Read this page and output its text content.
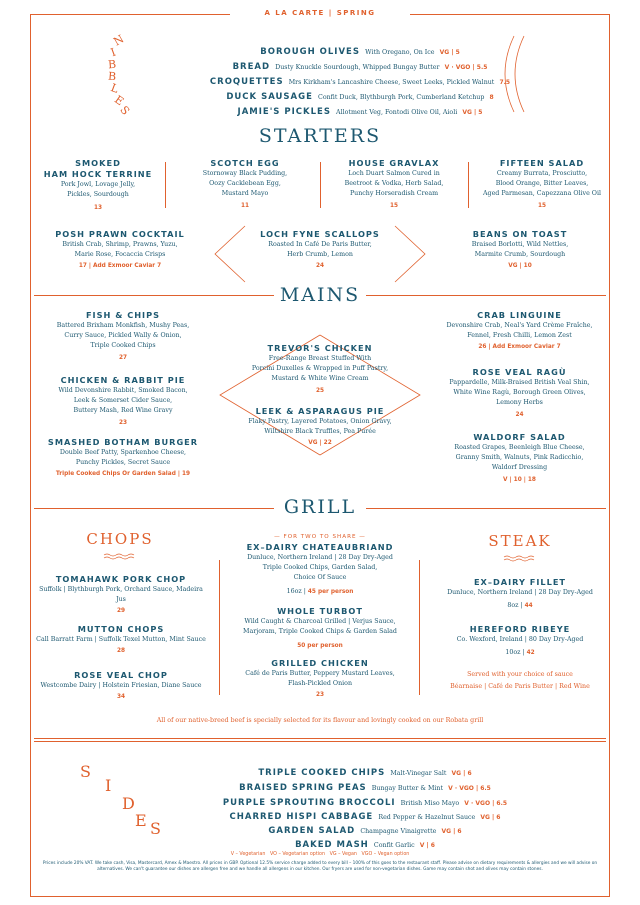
A LA CARTE | SPRING
N
I
B
B
L
E
S
BOROUGH OLIVES With Oregano, On Ice VG | 5
BREAD Dusty Knuckle Sourdough, Whipped Bungay Butter V · VGO | 5.5
CROQUETTES Mrs Kirkham's Lancashire Cheese, Sweet Leeks, Pickled Walnut 7.5
DUCK SAUSAGE Confit Duck, Blythburgh Pork, Cumberland Ketchup 8
JAMIE'S PICKLES Allotment Veg, Fontodi Olive Oil, Aioli VG | 5
STARTERS
SMOKED
HAM HOCK TERRINE
Pork Jowl, Lovage Jelly,
Pickles, Sourdough
13
SCOTCH EGG
Stornoway Black Pudding,
Oozy Cacklebean Egg,
Mustard Mayo
11
HOUSE GRAVLAX
Loch Duart Salmon Cured in
Beetroot & Vodka, Herb Salad,
Punchy Horseradish Cream
15
FIFTEEN SALAD
Creamy Burrata, Prosciutto,
Blood Orange, Bitter Leaves,
Aged Parmesan, Capezzana Olive Oil
15
POSH PRAWN COCKTAIL
British Crab, Shrimp, Prawns, Yuzu,
Marie Rose, Focaccia Crisps
17 | Add Exmoor Caviar 7
LOCH FYNE SCALLOPS
Roasted In Café De Paris Butter,
Herb Crumb, Lemon
24
BEANS ON TOAST
Braised Borlotti, Wild Nettles,
Marmite Crumb, Sourdough
VG | 10
MAINS
FISH & CHIPS
Battered Brixham Monkfish, Mushy Peas,
Curry Sauce, Pickled Wally & Onion,
Triple Cooked Chips
27
CHICKEN & RABBIT PIE
Wild Devonshire Rabbit, Smoked Bacon,
Leek & Somerset Cider Sauce,
Buttery Mash, Red Wine Gravy
23
SMASHED BOTHAM BURGER
Double Beef Patty, Sparkenhoe Cheese,
Punchy Pickles, Secret Sauce
Triple Cooked Chips Or Garden Salad | 19
TREVOR'S CHICKEN
Free-Range Breast Stuffed With
Porcini Duxelles & Wrapped in Puff Pastry,
Mustard & White Wine Cream
25
LEEK & ASPARAGUS PIE
Flaky Pastry, Layered Potatoes, Onion Gravy,
Wiltshire Black Truffles, Pea Purée
VG | 22
CRAB LINGUINE
Devonshire Crab, Neal's Yard Crème Fraîche,
Fennel, Fresh Chilli, Lemon Zest
26 | Add Exmoor Caviar 7
ROSE VEAL RAGÙ
Pappardelle, Milk-Braised British Veal Shin,
White Wine Ragù, Borough Green Olives,
Lemony Herbs
24
WALDORF SALAD
Roasted Grapes, Beenleigh Blue Cheese,
Granny Smith, Walnuts, Pink Radicchio,
Waldorf Dressing
V | 10 | 18
GRILL
CHOPS
TOMAHAWK PORK CHOP
Suffolk | Blythburgh Pork, Orchard Sauce, Madeira Jus
29
MUTTON CHOPS
Call Barratt Farm | Suffolk Texel Mutton, Mint Sauce
28
ROSE VEAL CHOP
Westcombe Dairy | Holstein Friesian, Diane Sauce
34
— FOR TWO TO SHARE —
EX–DAIRY CHATEAUBRIAND
Dunluce, Northern Ireland | 28 Day Dry-Aged
Triple Cooked Chips, Garden Salad,
Choice Of Sauce
16oz | 45 per person
WHOLE TURBOT
Wild Caught & Charcoal Grilled | Verjus Sauce,
Marjoram, Triple Cooked Chips & Garden Salad
50 per person
GRILLED CHICKEN
Café de Paris Butter, Peppery Mustard Leaves,
Flash-Pickled Onion
23
STEAK
EX–DAIRY FILLET
Dunluce, Northern Ireland | 28 Day Dry-Aged
8oz | 44
HEREFORD RIBEYE
Co. Wexford, Ireland | 80 Day Dry-Aged
10oz | 42
Served with your choice of sauce
Béarnaise | Café de Paris Butter | Red Wine
All of our native-breed beef is specially selected for its flavour and lovingly cooked on our Robata grill
S
I
D
E S
TRIPLE COOKED CHIPS Malt-Vinegar Salt VG | 6
BRAISED SPRING PEAS Bungay Butter & Mint V · VGO | 6.5
PURPLE SPROUTING BROCCOLI British Miso Mayo V · VGO | 6.5
CHARRED HISPI CABBAGE Red Pepper & Hazelnut Sauce VG | 6
GARDEN SALAD Champagne Vinaigrette VG | 6
BAKED MASH Confit Garlic V | 6
V – Vegetarian   VO – Vegetarian option   VG – Vegan   VGO – Vegan option
Prices include 20% VAT. We take cash, Visa, Mastercard, Amex & Maestro. All prices in GBP. Optional 12.5% service charge added to every bill – 100% of this goes to the restaurant staff. Please advise on dietary requirements & allergies and we will advise on alternatives. We can't guarantee our dishes are allergen free and we handle all allergens in our kitchen. Our fryers are used for non-vegetarian dishes. Game may contain shot and olives may contain stones.
